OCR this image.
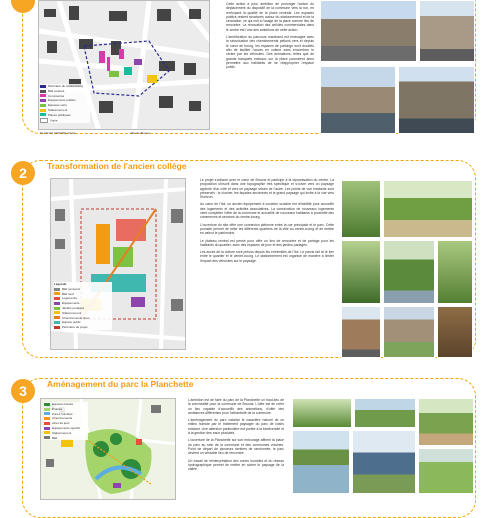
Périmètre du centre-bourg
Bâti existant
Commerces
Équipements publics
Espaces verts
Stationnement
Places publiques
Voirie
PLAN DU CENTRE-VILLE	Ville de Broons

Cette action a pour ambition de prolonger l'action du déplacement du dispositif de la commune vers la rue, en renforçant la qualité de la place centrale. Les espaces publics restent structurés autour du stationnement et de la circulation, ce qui nuit à l'usage de la place comme lieu de rencontre. La rénovation des cellules commerciales dans le centre est l'une des ambitions de cette action.

L'amélioration du parcours marchand est envisagée avec la sécurisation des cheminements piétons vers et depuis le cœur de bourg, les espaces de parkings sont doublés afin de faciliter l'accès en voiture sans encombrer le centre par les véhicules. Des animations, telles que de grands banquets estivaux sur la place pourraient alors permettre aux habitants de se réapproprier l'espace public.

2	Transformation de l'ancien collège
Légende
Bâti conservé
Bâti neuf
Logements
Équipements
Jardins partagés
Stationnement
Cheminements doux
Espace public
Périmètre du projet

Le projet s'articule avec le cœur de Broons et participe à la dynamisation du centre. La proposition s'inscrit dans une topographie très spécifique et s'ouvre vers un paysage agricole d'un côté et vers un paysage urbain de l'autre. Les points de vue existants sont préservés : le clocher, les façades anciennes et le grand paysage qui invite à la vue vers l'horizon.

Au cœur de l'îlot, un ancien équipement à vocation scolaire est réhabilité pour accueillir des logements et des activités associatives. La construction de nouveaux logements vient compléter l'offre de la commune et accueillir de nouveaux habitants à proximité des commerces et services du centre-bourg.

L'ouverture du site offre une connexion piétonne entre la rue principale et le parc. Cette porosité permet de relier les différents quartiers de la ville au centre-bourg et de mettre en valeur le patrimoine.

Le plateau central est pensé pour offrir un lieu de rencontre et de partage pour les habitants du quartier, avec des espaces de jeux et des jardins partagés.

Les accès de la voiture sont prévus depuis les extrémités de l'îlot. Le parvis fait ici le lien entre le quartier et le centre-bourg. Le stationnement est organisé de manière à limiter l'impact des véhicules sur le paysage.

3	Aménagement du parc la Planchette
Espaces boisés
Prairies
Zones humides
Cheminements
Aires de jeux
Équipements sportifs
Stationnement
Bâti

L'ambition est de faire du parc de la Planchette un haut-lieu de la convivialité pour la commune de Broons. L'idée est de créer un lieu capable d'accueillir des animations, d'offrir des ambiances différentes pour l'attractivité de la commune.

L'aménagement du parc valorise le caractère naturel de ce milieu humide par le traitement paysager du parc de loisirs existant. Une attention particulière est portée à la biodiversité et à la gestion des eaux pluviales.

L'ouverture de la Planchette sur son entourage affirme la place du parc au sein de la commune et des communes voisines. Point de départ de plusieurs sentiers de randonnée, le parc devient un véritable lieu de rencontre.

Un travail de réinterprétation des zones humides et du réseau hydrographique permet de mettre en scène le paysage de la vallée.
